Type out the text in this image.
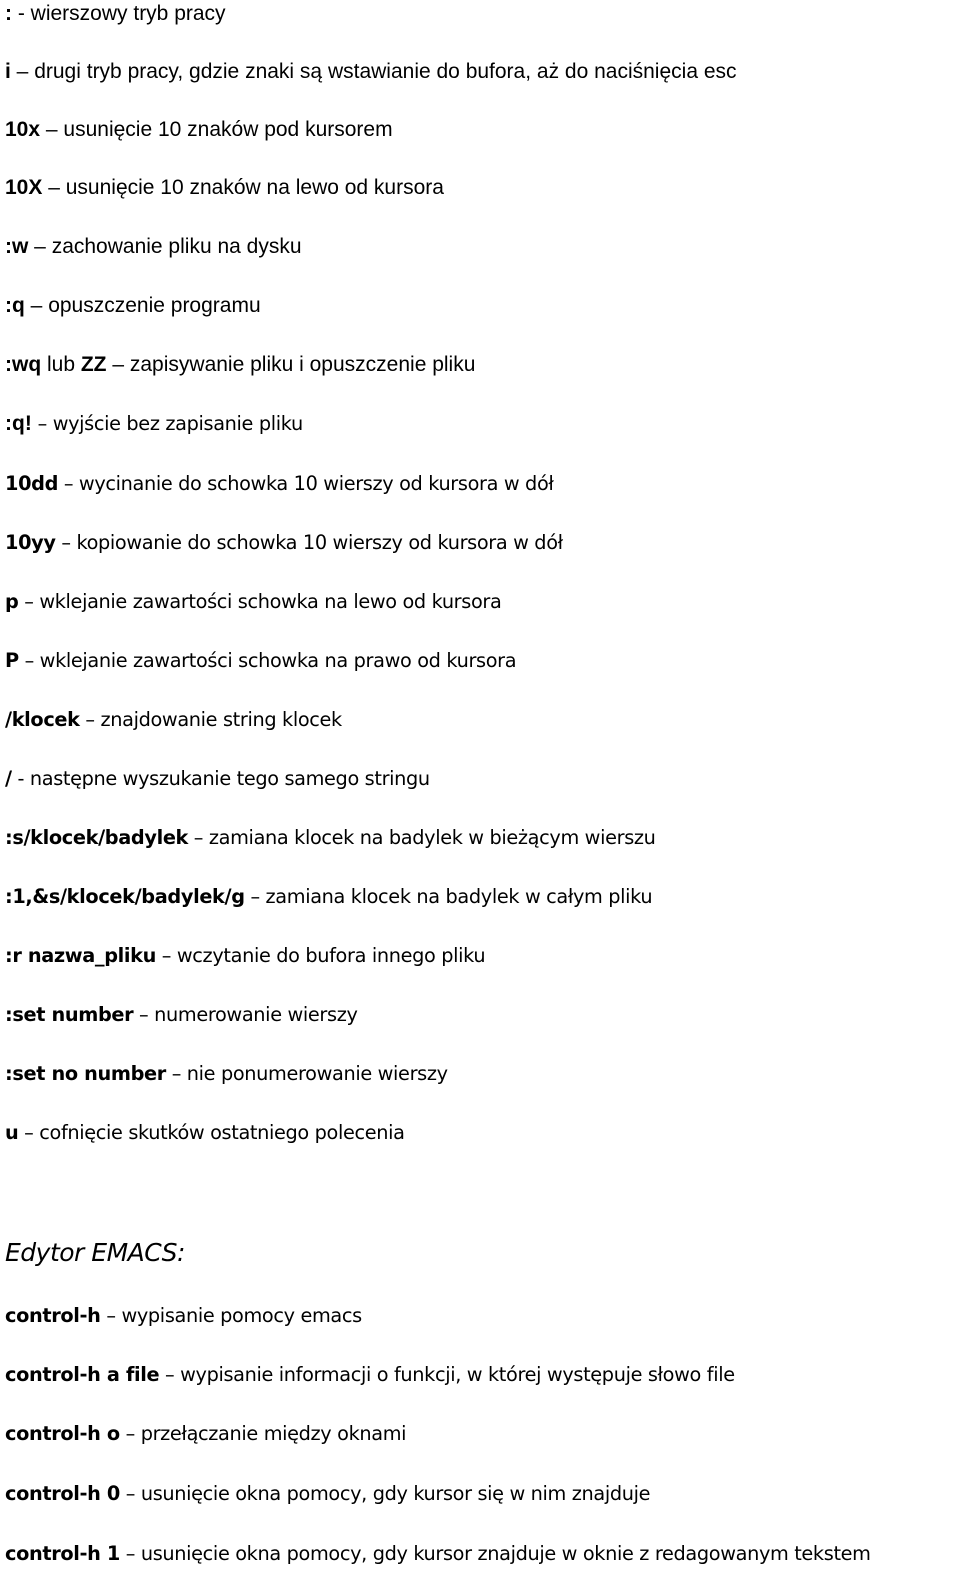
: - wierszowy tryb pracy
i – drugi tryb pracy, gdzie znaki są wstawianie do bufora, aż do naciśnięcia esc
10x – usunięcie 10 znaków pod kursorem
10X – usunięcie 10 znaków na lewo od kursora
:w – zachowanie pliku na dysku
:q – opuszczenie programu
:wq lub ZZ – zapisywanie pliku i opuszczenie pliku
:q! – wyjście bez zapisanie pliku
10dd – wycinanie do schowka 10 wierszy od kursora w dół
10yy – kopiowanie do schowka 10 wierszy od kursora w dół
p – wklejanie zawartości schowka na lewo od kursora
P – wklejanie zawartości schowka na prawo od kursora
/klocek – znajdowanie string klocek
/ - następne wyszukanie tego samego stringu
:s/klocek/badylek – zamiana klocek na badylek w bieżącym wierszu
:1,&s/klocek/badylek/g – zamiana klocek na badylek w całym pliku
:r nazwa_pliku – wczytanie do bufora innego pliku
:set number – numerowanie wierszy
:set no number – nie ponumerowanie wierszy
u – cofnięcie skutków ostatniego polecenia
Edytor EMACS:
control-h – wypisanie pomocy emacs
control-h a file – wypisanie informacji o funkcji, w której występuje słowo file
control-h o – przełączanie między oknami
control-h 0 – usunięcie okna pomocy, gdy kursor się w nim znajduje
control-h 1 – usunięcie okna pomocy, gdy kursor znajduje w oknie z redagowanym tekstem
